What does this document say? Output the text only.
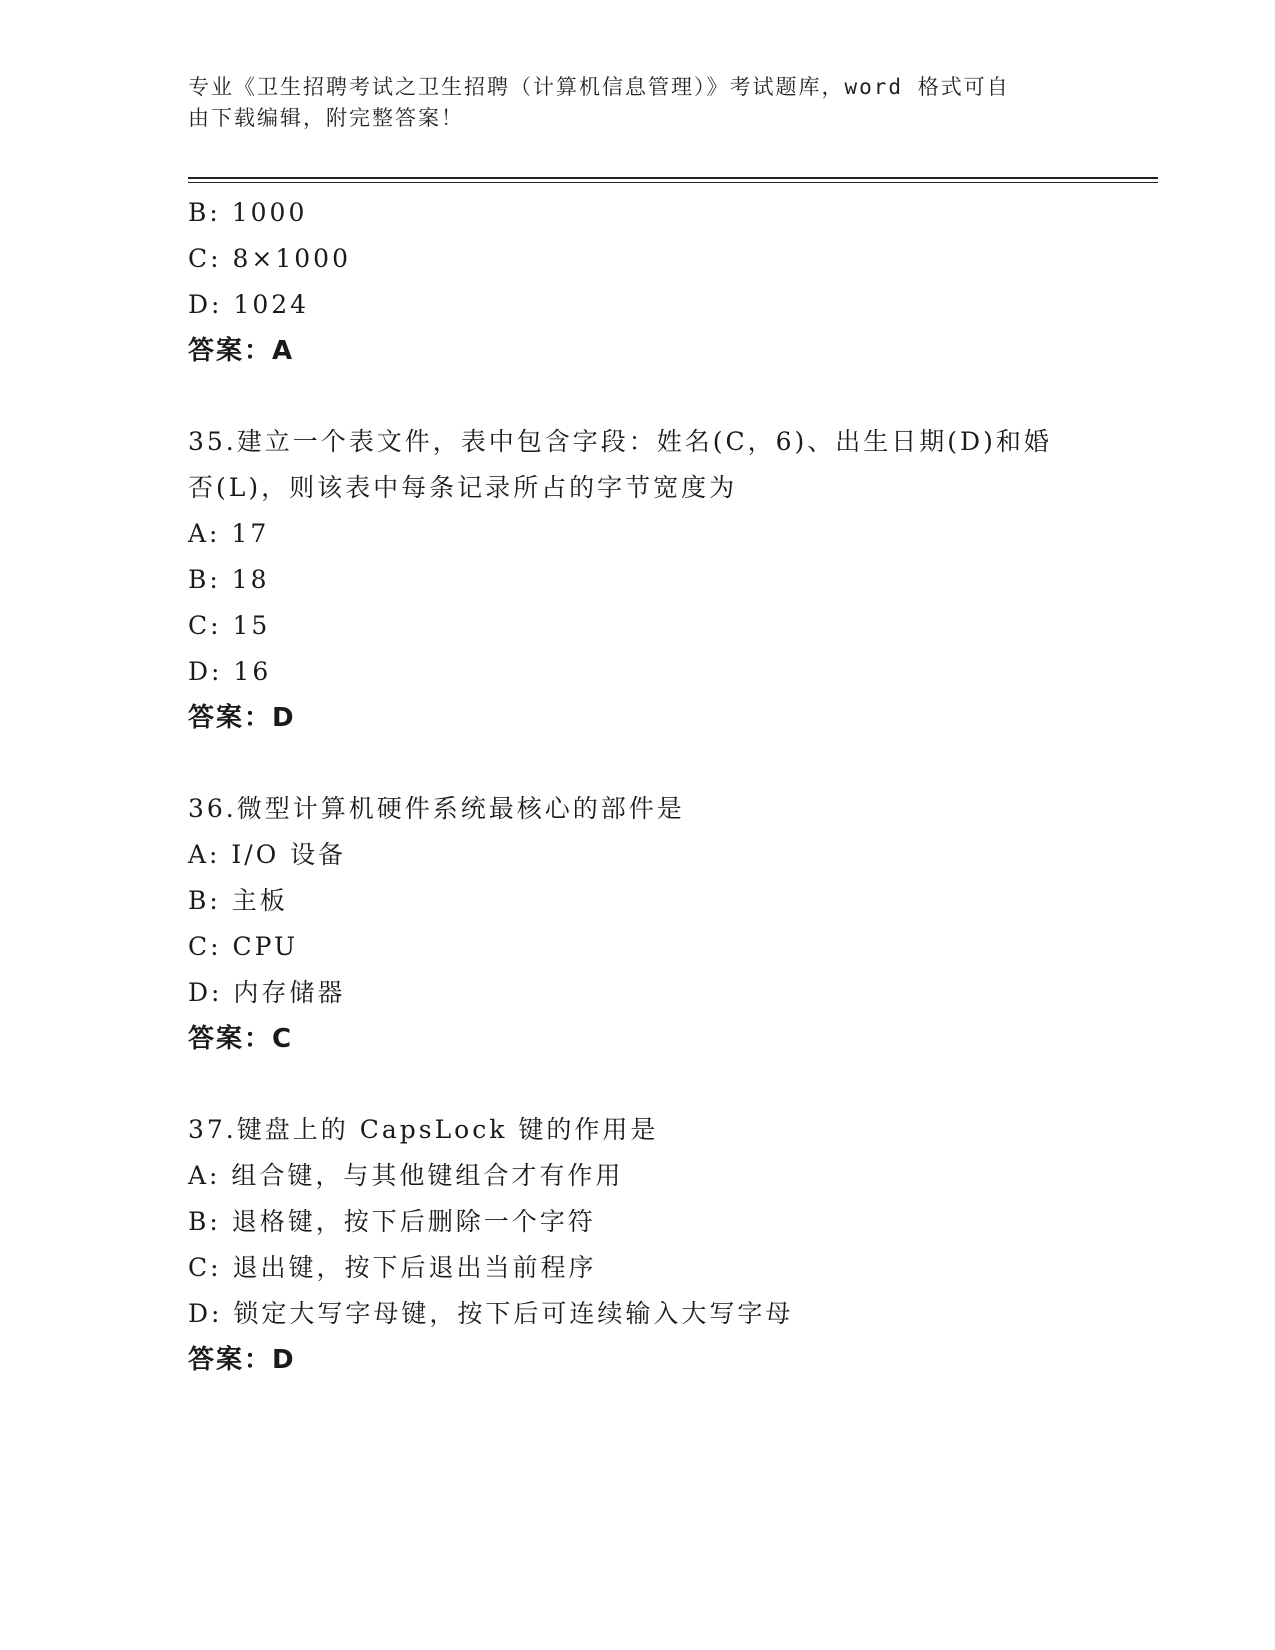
专业《卫生招聘考试之卫生招聘（计算机信息管理）》考试题库，word 格式可自
由下载编辑，附完整答案！
B: 1000
C: 8×1000
D: 1024
答案：A
35.建立一个表文件，表中包含字段：姓名(C，6)、出生日期(D)和婚
否(L)，则该表中每条记录所占的字节宽度为
A: 17
B: 18
C: 15
D: 16
答案：D
36.微型计算机硬件系统最核心的部件是
A: I/O 设备
B: 主板
C: CPU
D: 内存储器
答案：C
37.键盘上的 CapsLock 键的作用是
A: 组合键，与其他键组合才有作用
B: 退格键，按下后删除一个字符
C: 退出键，按下后退出当前程序
D: 锁定大写字母键，按下后可连续输入大写字母
答案：D
